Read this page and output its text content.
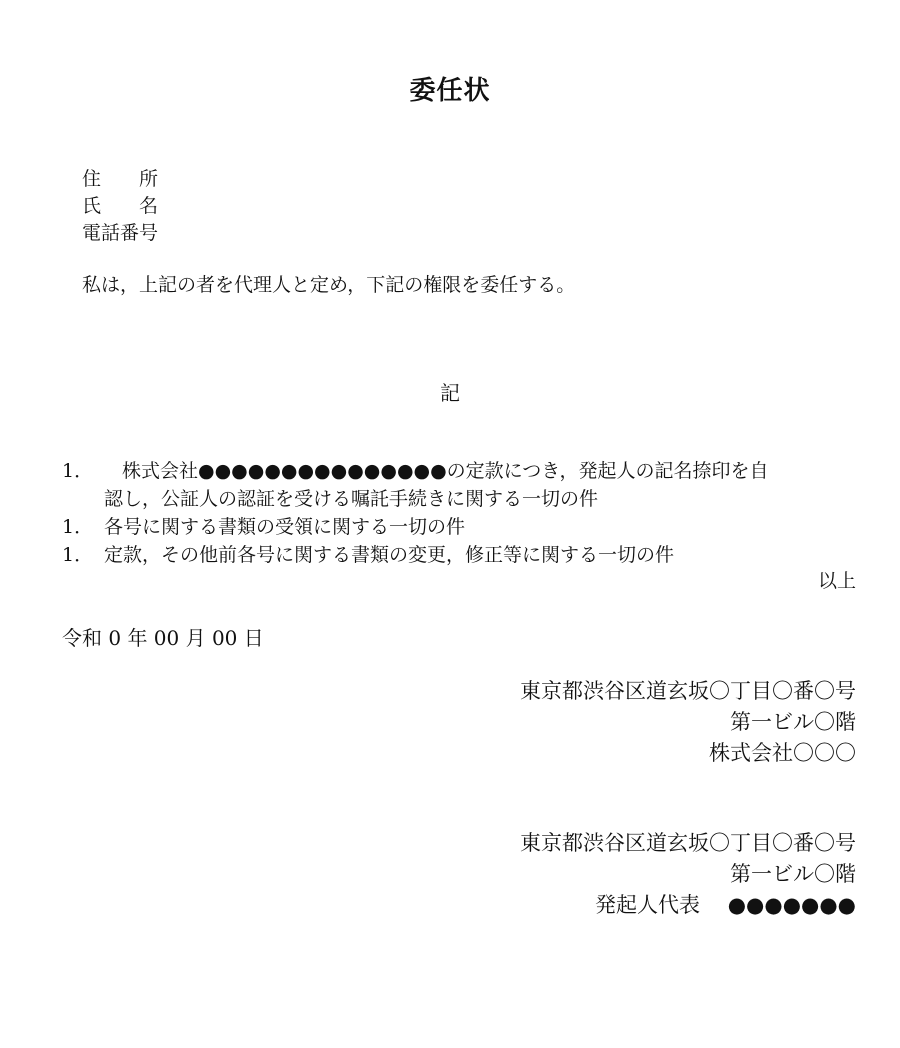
委任状
住　　所
氏　　名
電話番号
私は，上記の者を代理人と定め，下記の権限を委任する。
記
1．	株式会社●●●●●●●●●●●●●●●の定款につき，発起人の記名捺印を自
認し，公証人の認証を受ける嘱託手続きに関する一切の件
1． 各号に関する書類の受領に関する一切の件
1． 定款，その他前各号に関する書類の変更，修正等に関する一切の件
以上
令和 0 年 00 月 00 日
東京都渋谷区道玄坂〇丁目〇番〇号
第一ビル〇階
株式会社〇〇〇
東京都渋谷区道玄坂〇丁目〇番〇号
第一ビル〇階
発起人代表　 ●●●●●●●
